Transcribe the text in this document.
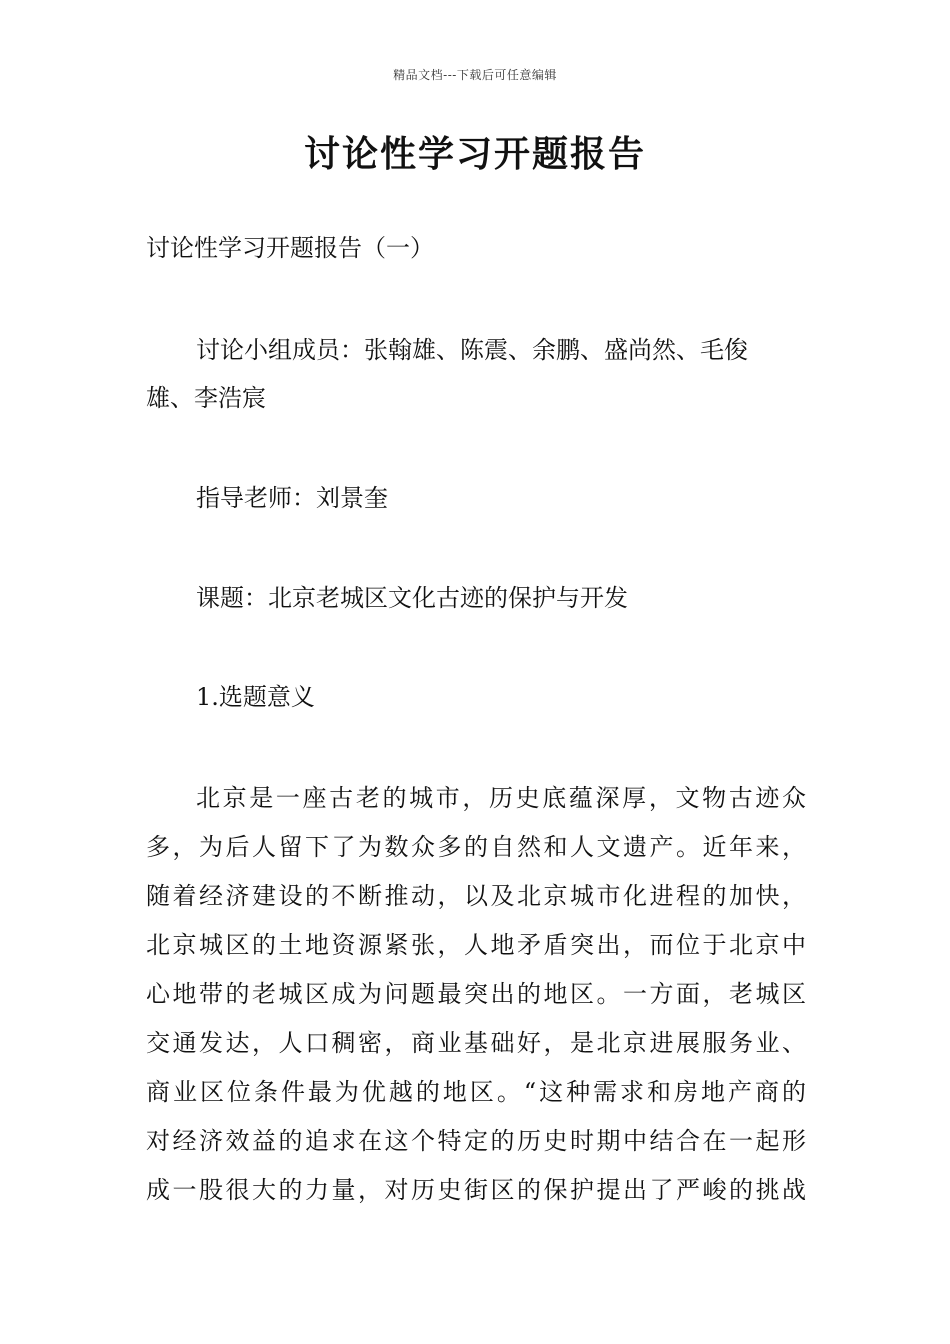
精品文档---下载后可任意编辑
讨论性学习开题报告
讨论性学习开题报告（一）
讨论小组成员：张翰雄、陈震、余鹏、盛尚然、毛俊
雄、李浩宸
指导老师：刘景奎
课题：北京老城区文化古迹的保护与开发
1.选题意义
北京是一座古老的城市，历史底蕴深厚，文物古迹众
多，为后人留下了为数众多的自然和人文遗产。近年来，
随着经济建设的不断推动，以及北京城市化进程的加快，
北京城区的土地资源紧张，人地矛盾突出，而位于北京中
心地带的老城区成为问题最突出的地区。一方面，老城区
交通发达，人口稠密，商业基础好，是北京进展服务业、
商业区位条件最为优越的地区。“这种需求和房地产商的
对经济效益的追求在这个特定的历史时期中结合在一起形
成一股很大的力量，对历史街区的保护提出了严峻的挑战
